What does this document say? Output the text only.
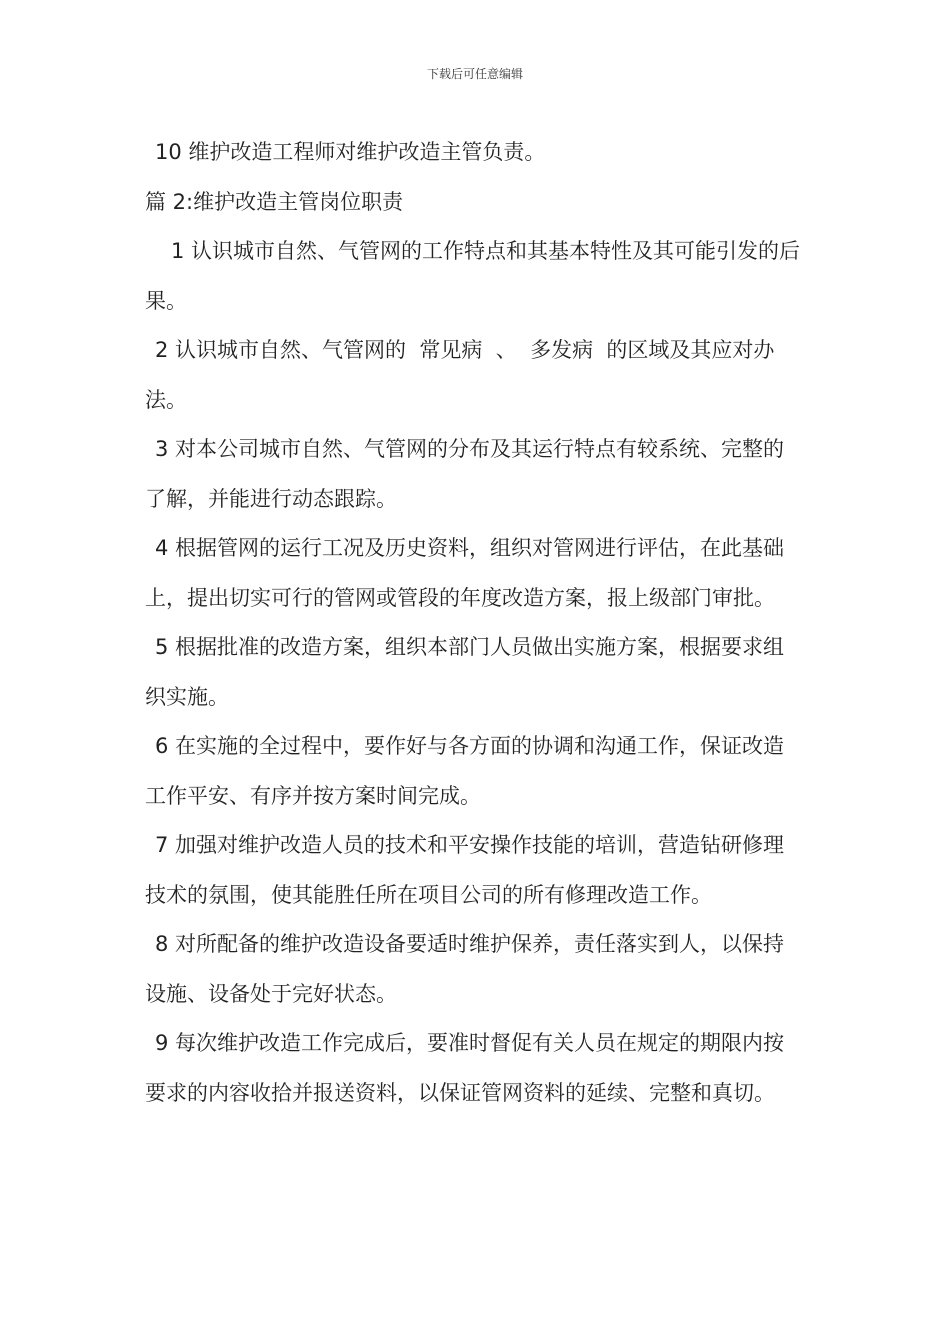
下载后可任意编辑

10 维护改造工程师对维护改造主管负责。

篇 2:维护改造主管岗位职责

1 认识城市自然、气管网的工作特点和其基本特性及其可能引发的后果。

2 认识城市自然、气管网的  常见病  、  多发病  的区域及其应对办法。

3 对本公司城市自然、气管网的分布及其运行特点有较系统、完整的了解，并能进行动态跟踪。

4 根据管网的运行工况及历史资料，组织对管网进行评估，在此基础上，提出切实可行的管网或管段的年度改造方案，报上级部门审批。

5 根据批准的改造方案，组织本部门人员做出实施方案，根据要求组织实施。

6 在实施的全过程中，要作好与各方面的协调和沟通工作，保证改造工作平安、有序并按方案时间完成。

7 加强对维护改造人员的技术和平安操作技能的培训，营造钻研修理技术的氛围，使其能胜任所在项目公司的所有修理改造工作。

8 对所配备的维护改造设备要适时维护保养，责任落实到人，以保持设施、设备处于完好状态。

9 每次维护改造工作完成后，要准时督促有关人员在规定的期限内按要求的内容收拾并报送资料，以保证管网资料的延续、完整和真切。
